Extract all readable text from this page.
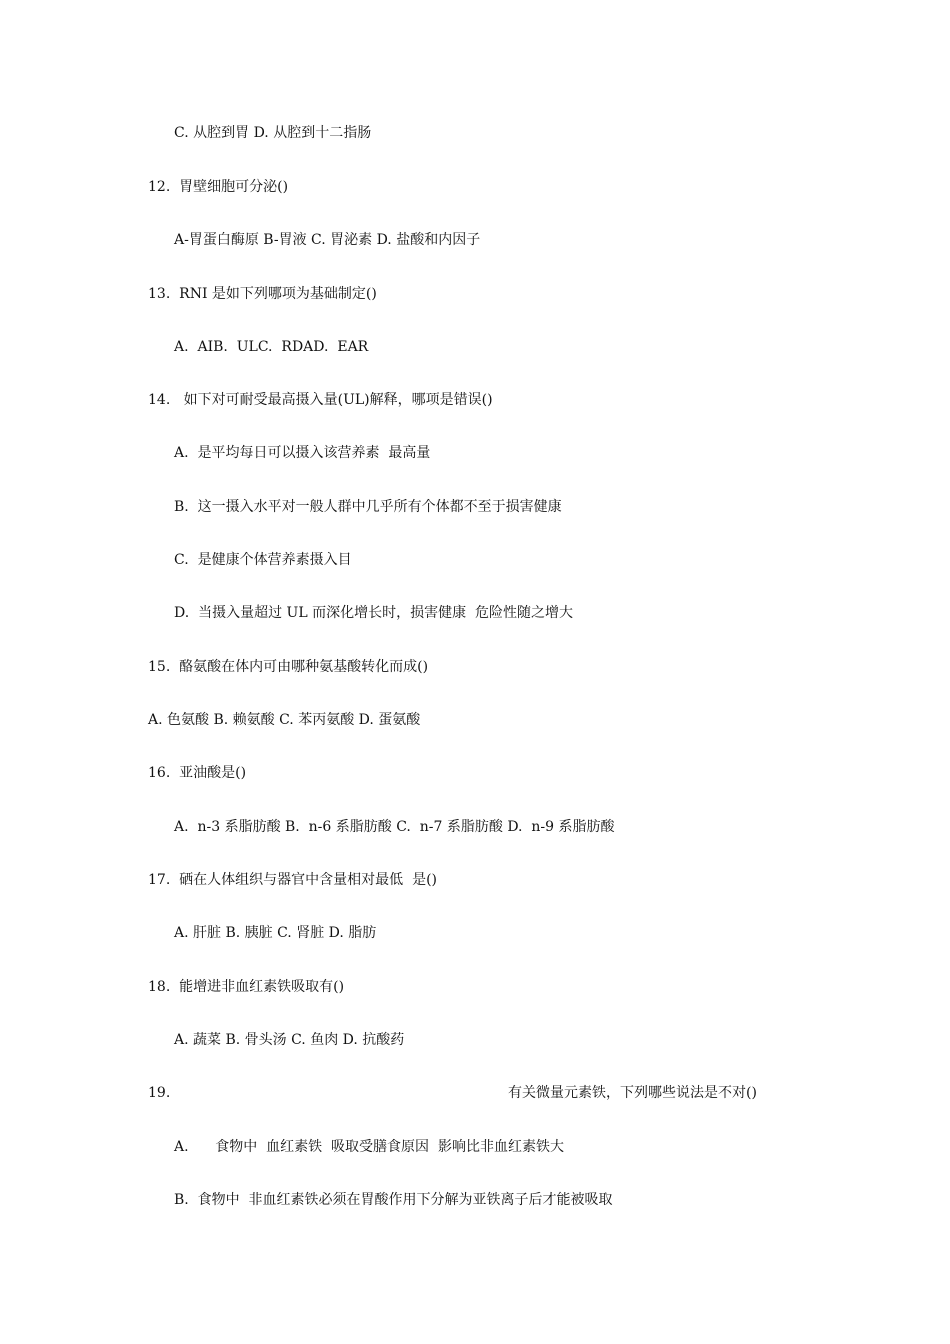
C. 从腔到胃 D. 从腔到十二指肠
12.  胃壁细胞可分泌()
A-胃蛋白酶原 B-胃液 C. 胃泌素 D. 盐酸和内因子
13.  RNI 是如下列哪项为基础制定()
A.  AIB.  ULC.  RDAD.  EAR
14.   如下对可耐受最高摄入量(UL)解释，哪项是错误()
A.  是平均每日可以摄入该营养素  最高量
B.  这一摄入水平对一般人群中几乎所有个体都不至于损害健康
C.  是健康个体营养素摄入目
D.  当摄入量超过 UL 而深化增长时，损害健康  危险性随之增大
15.  酪氨酸在体内可由哪种氨基酸转化而成()
A. 色氨酸 B. 赖氨酸 C. 苯丙氨酸 D. 蛋氨酸
16.  亚油酸是()
A.  n-3 系脂肪酸 B.  n-6 系脂肪酸 C.  n-7 系脂肪酸 D.  n-9 系脂肪酸
17.  硒在人体组织与器官中含量相对最低  是()
A. 肝脏 B. 胰脏 C. 肾脏 D. 脂肪
18.  能增进非血红素铁吸取有()
A. 蔬菜 B. 骨头汤 C. 鱼肉 D. 抗酸药
19.	有关微量元素铁，下列哪些说法是不对()
A.      食物中  血红素铁  吸取受膳食原因  影响比非血红素铁大
B.  食物中  非血红素铁必须在胃酸作用下分解为亚铁离子后才能被吸取
